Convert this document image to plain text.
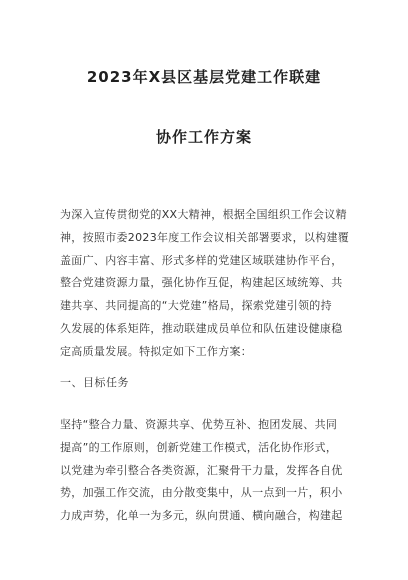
2023年X县区基层党建工作联建
协作工作方案

为深入宣传贯彻党的XX大精神，根据全国组织工作会议精
神，按照市委2023年度工作会议相关部署要求，以构建覆
盖面广、内容丰富、形式多样的党建区域联建协作平台，
整合党建资源力量，强化协作互促，构建起区域统筹、共
建共享、共同提高的“大党建”格局，探索党建引领的持
久发展的体系矩阵，推动联建成员单位和队伍建设健康稳
定高质量发展。特拟定如下工作方案：

一、目标任务

坚持“整合力量、资源共享、优势互补、抱团发展、共同
提高”的工作原则，创新党建工作模式，活化协作形式，
以党建为牵引整合各类资源，汇聚骨干力量，发挥各自优
势，加强工作交流，由分散变集中，从一点到一片，积小
力成声势，化单一为多元，纵向贯通、横向融合，构建起
